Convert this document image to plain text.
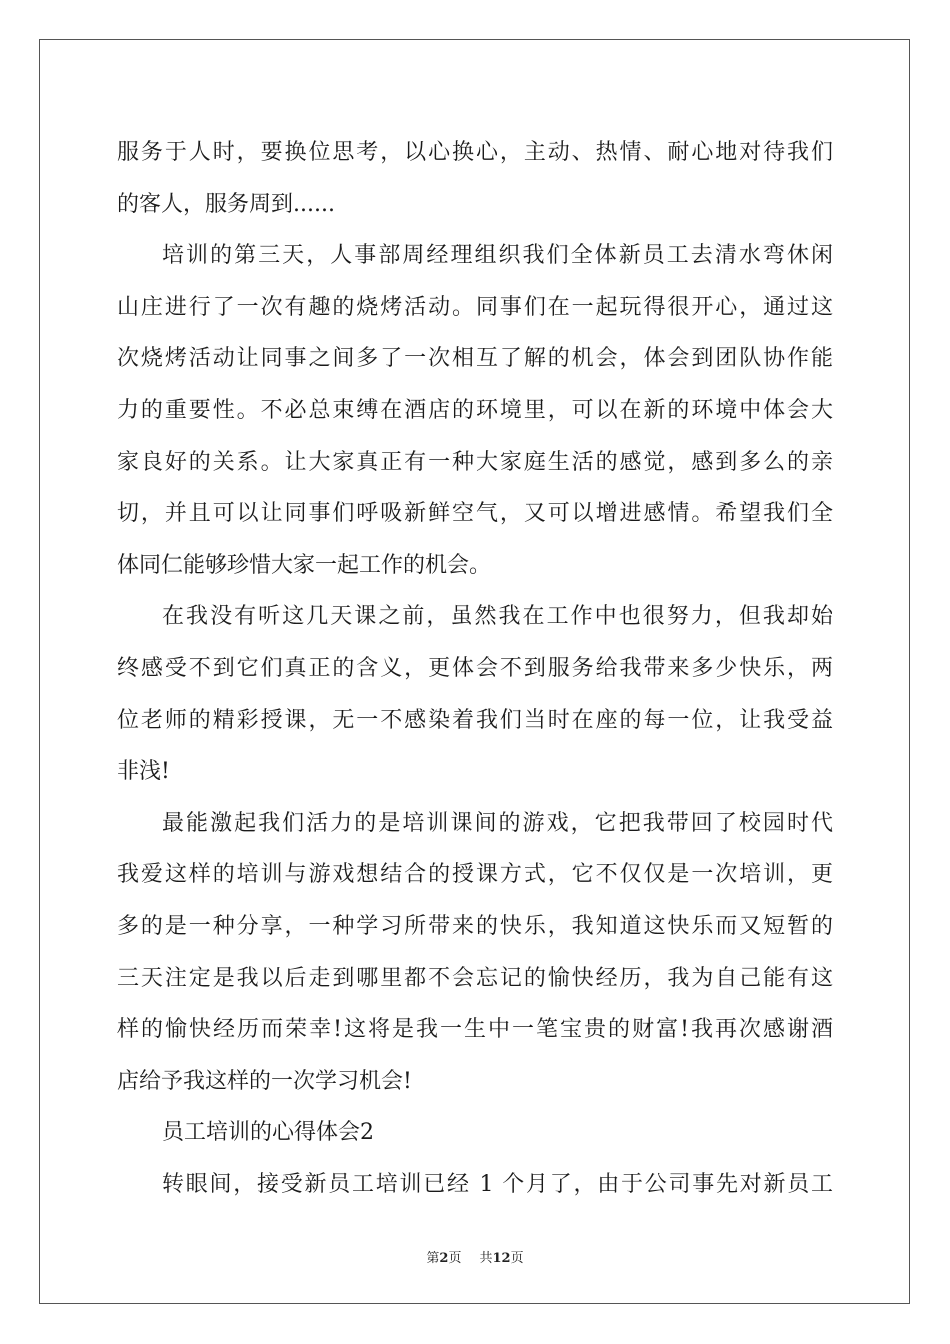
服务于人时，要换位思考，以心换心，主动、热情、耐心地对待我们
的客人，服务周到......
培训的第三天，人事部周经理组织我们全体新员工去清水弯休闲
山庄进行了一次有趣的烧烤活动。同事们在一起玩得很开心，通过这
次烧烤活动让同事之间多了一次相互了解的机会，体会到团队协作能
力的重要性。不必总束缚在酒店的环境里，可以在新的环境中体会大
家良好的关系。让大家真正有一种大家庭生活的感觉，感到多么的亲
切，并且可以让同事们呼吸新鲜空气，又可以增进感情。希望我们全
体同仁能够珍惜大家一起工作的机会。
在我没有听这几天课之前，虽然我在工作中也很努力，但我却始
终感受不到它们真正的含义，更体会不到服务给我带来多少快乐，两
位老师的精彩授课，无一不感染着我们当时在座的每一位，让我受益
非浅!
最能激起我们活力的是培训课间的游戏，它把我带回了校园时代
我爱这样的培训与游戏想结合的授课方式，它不仅仅是一次培训，更
多的是一种分享，一种学习所带来的快乐，我知道这快乐而又短暂的
三天注定是我以后走到哪里都不会忘记的愉快经历，我为自己能有这
样的愉快经历而荣幸!这将是我一生中一笔宝贵的财富!我再次感谢酒
店给予我这样的一次学习机会!
员工培训的心得体会2
转眼间，接受新员工培训已经 1 个月了，由于公司事先对新员工
第2页 共12页
